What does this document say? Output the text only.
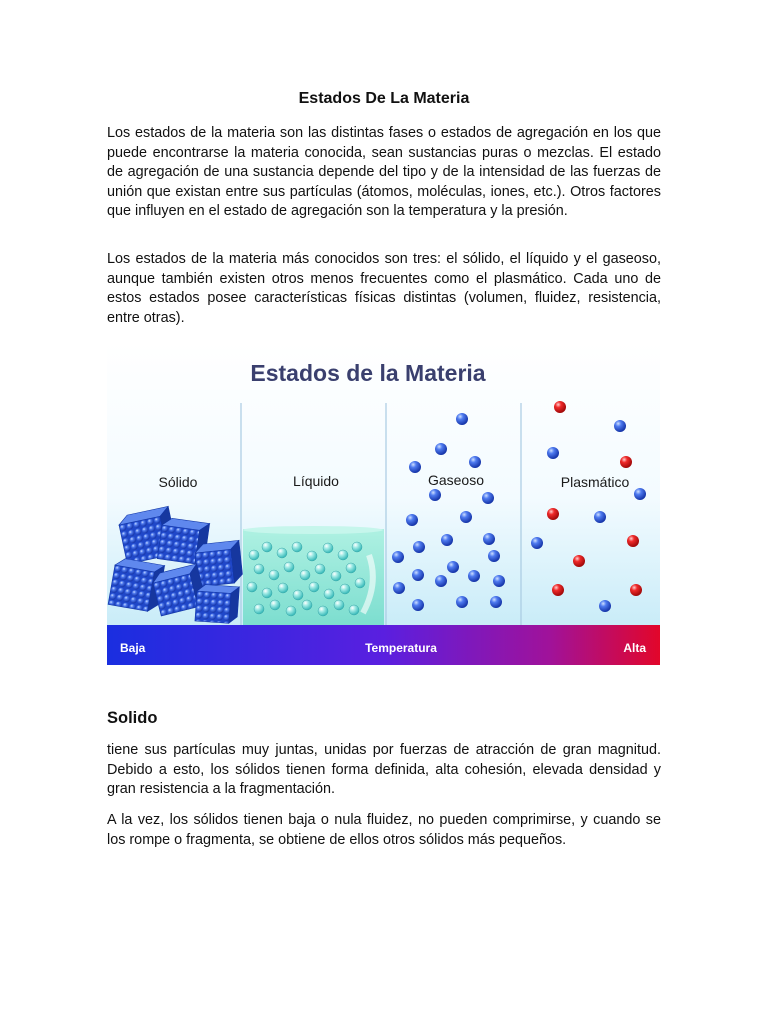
Estados De La Materia

Los estados de la materia son las distintas fases o estados de agregación en los que puede encontrarse la materia conocida, sean sustancias puras o mezclas. El estado de agregación de una sustancia depende del tipo y de la intensidad de las fuerzas de unión que existan entre sus partículas (átomos, moléculas, iones, etc.). Otros factores que influyen en el estado de agregación son la temperatura y la presión.

Los estados de la materia más conocidos son tres: el sólido, el líquido y el gaseoso, aunque también existen otros menos frecuentes como el plasmático. Cada uno de estos estados posee características físicas distintas (volumen, fluidez, resistencia, entre otras).

Solido

tiene sus partículas muy juntas, unidas por fuerzas de atracción de gran magnitud. Debido a esto, los sólidos tienen forma definida, alta cohesión, elevada densidad y gran resistencia a la fragmentación.

A la vez, los sólidos tienen baja o nula fluidez, no pueden comprimirse, y cuando se los rompe o fragmenta, se obtiene de ellos otros sólidos más pequeños.

Estados de la Materia
Sólido	Líquido	Gaseoso	Plasmático
Baja	Temperatura	Alta
